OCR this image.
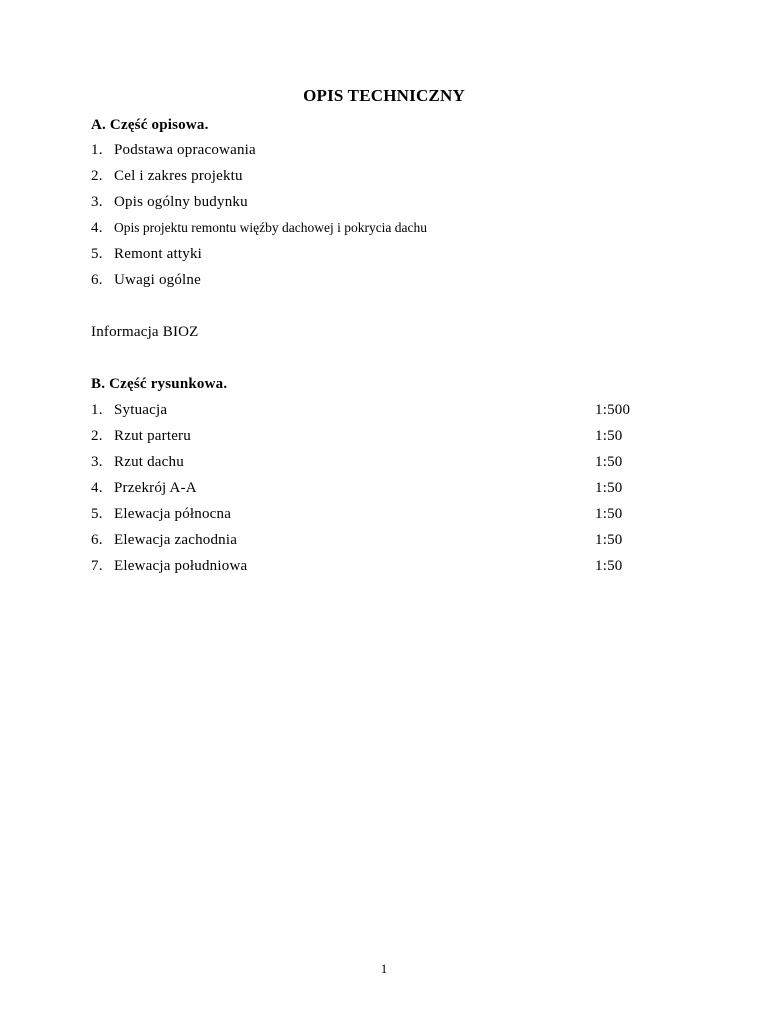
OPIS TECHNICZNY
A. Część opisowa.
1. Podstawa opracowania
2. Cel i zakres projektu
3. Opis ogólny budynku
4. Opis projektu remontu więźby dachowej i pokrycia dachu
5. Remont attyki
6. Uwagi ogólne
Informacja BIOZ
B. Część rysunkowa.
1. Sytuacja	1:500
2. Rzut parteru	1:50
3. Rzut dachu	1:50
4. Przekrój A-A	1:50
5. Elewacja północna	1:50
6. Elewacja zachodnia	1:50
7. Elewacja południowa	1:50
1
